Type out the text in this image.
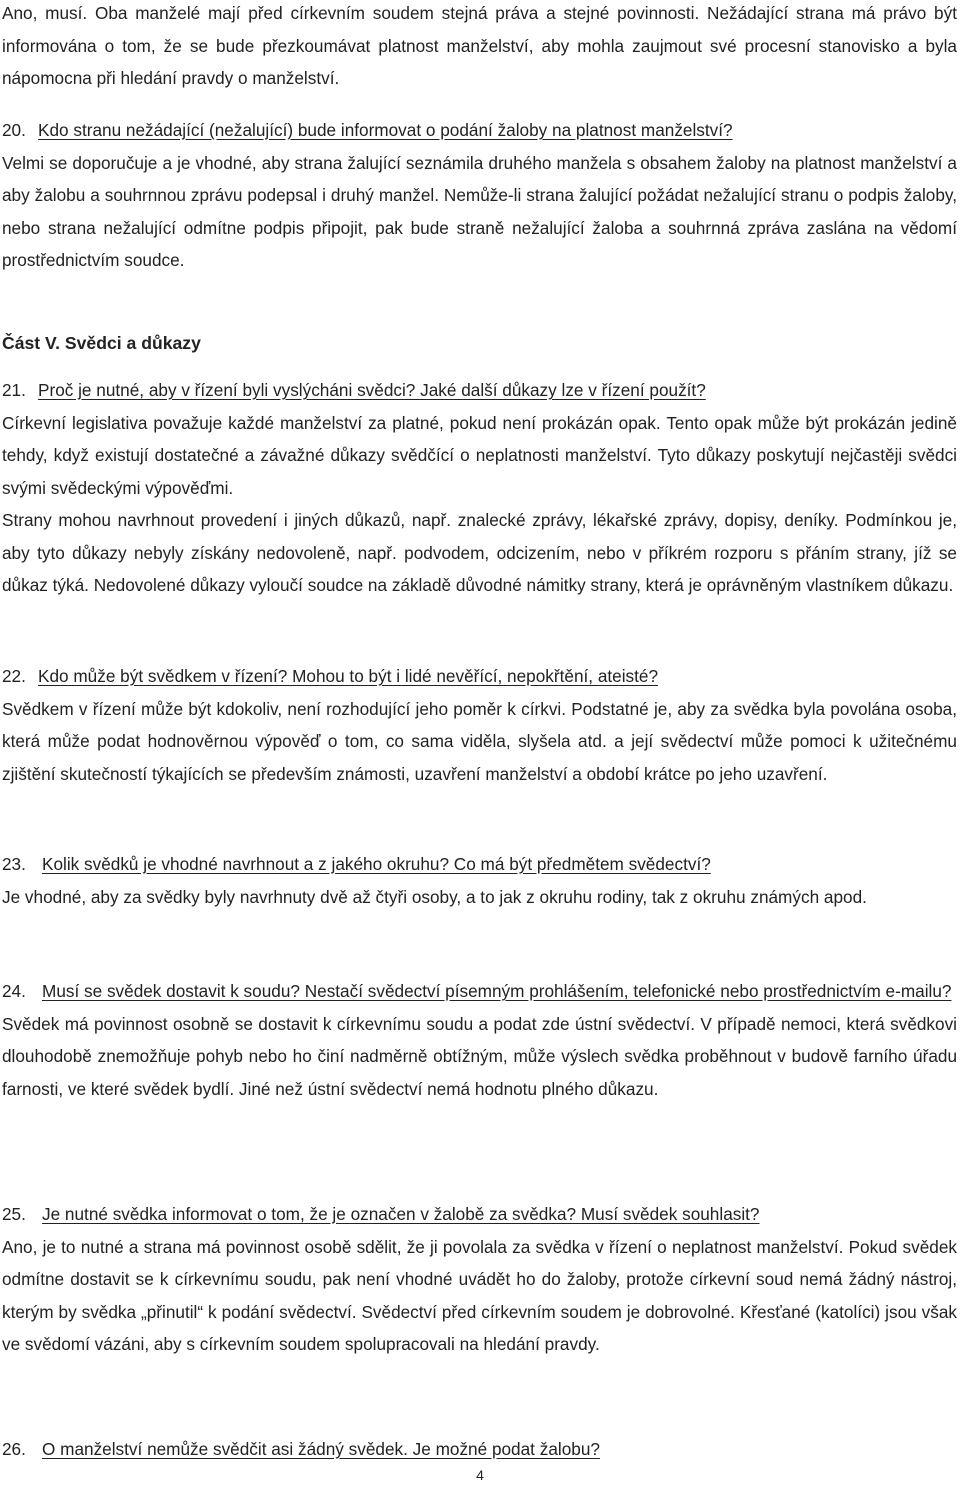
Ano, musí. Oba manželé mají před církevním soudem stejná práva a stejné povinnosti. Nežádající strana má právo být informována o tom, že se bude přezkoumávat platnost manželství, aby mohla zaujmout své procesní stanovisko a byla nápomocna při hledání pravdy o manželství.

20. Kdo stranu nežádající (nežalující) bude informovat o podání žaloby na platnost manželství?
Velmi se doporučuje a je vhodné, aby strana žalující seznámila druhého manžela s obsahem žaloby na platnost manželství a aby žalobu a souhrnnou zprávu podepsal i druhý manžel. Nemůže-li strana žalující požádat nežalující stranu o podpis žaloby, nebo strana nežalující odmítne podpis připojit, pak bude straně nežalující žaloba a souhrnná zpráva zaslána na vědomí prostřednictvím soudce.

Část V. Svědci a důkazy

21. Proč je nutné, aby v řízení byli vyslýcháni svědci? Jaké další důkazy lze v řízení použít?
Církevní legislativa považuje každé manželství za platné, pokud není prokázán opak. Tento opak může být prokázán jedině tehdy, když existují dostatečné a závažné důkazy svědčící o neplatnosti manželství. Tyto důkazy poskytují nejčastěji svědci svými svědeckými výpověďmi.
Strany mohou navrhnout provedení i jiných důkazů, např. znalecké zprávy, lékařské zprávy, dopisy, deníky. Podmínkou je, aby tyto důkazy nebyly získány nedovoleně, např. podvodem, odcizením, nebo v příkrém rozporu s přáním strany, jíž se důkaz týká. Nedovolené důkazy vyloučí soudce na základě důvodné námitky strany, která je oprávněným vlastníkem důkazu.

22. Kdo může být svědkem v řízení? Mohou to být i lidé nevěřící, nepokřtění, ateisté?
Svědkem v řízení může být kdokoliv, není rozhodující jeho poměr k církvi. Podstatné je, aby za svědka byla povolána osoba, která může podat hodnověrnou výpověď o tom, co sama viděla, slyšela atd. a její svědectví může pomoci k užitečnému zjištění skutečností týkajících se především známosti, uzavření manželství a období krátce po jeho uzavření.

23. Kolik svědků je vhodné navrhnout a z jakého okruhu? Co má být předmětem svědectví?
Je vhodné, aby za svědky byly navrhnuty dvě až čtyři osoby, a to jak z okruhu rodiny, tak z okruhu známých apod.

24. Musí se svědek dostavit k soudu? Nestačí svědectví písemným prohlášením, telefonické nebo prostřednictvím e-mailu?
Svědek má povinnost osobně se dostavit k církevnímu soudu a podat zde ústní svědectví. V případě nemoci, která svědkovi dlouhodobě znemožňuje pohyb nebo ho činí nadměrně obtížným, může výslech svědka proběhnout v budově farního úřadu farnosti, ve které svědek bydlí. Jiné než ústní svědectví nemá hodnotu plného důkazu.

25. Je nutné svědka informovat o tom, že je označen v žalobě za svědka? Musí svědek souhlasit?
Ano, je to nutné a strana má povinnost osobě sdělit, že ji povolala za svědka v řízení o neplatnost manželství. Pokud svědek odmítne dostavit se k církevnímu soudu, pak není vhodné uvádět ho do žaloby, protože církevní soud nemá žádný nástroj, kterým by svědka „přinutil“ k podání svědectví. Svědectví před církevním soudem je dobrovolné. Křesťané (katolíci) jsou však ve svědomí vázáni, aby s církevním soudem spolupracovali na hledání pravdy.

26. O manželství nemůže svědčit asi žádný svědek. Je možné podat žalobu?

4
